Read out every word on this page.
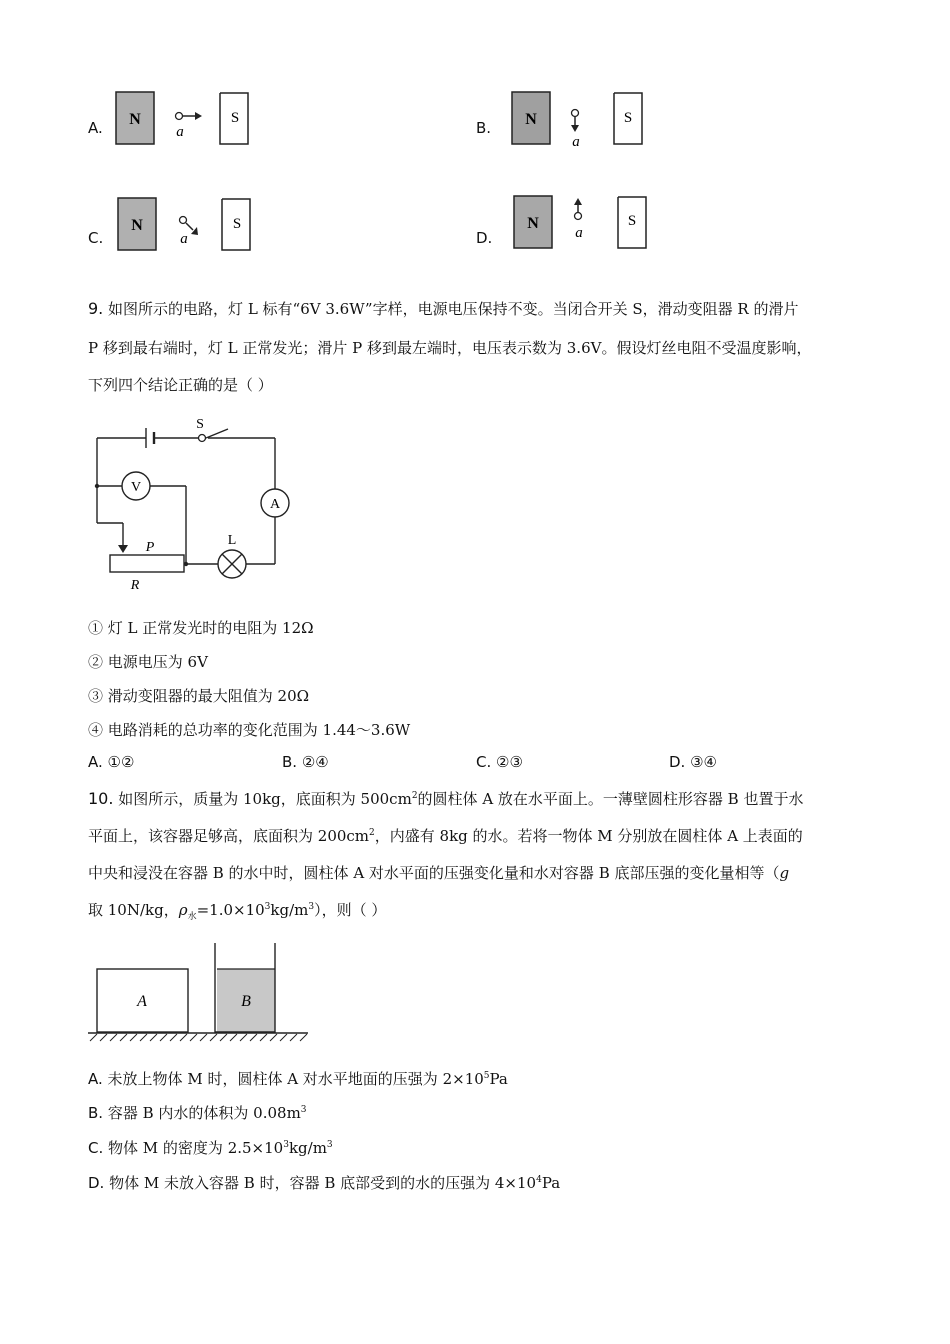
A. N
a
S
B. N
a
S
C.
N
a
S
D.
N
a
S
9. 如图所示的电路，灯 L 标有“6V 3.6W”字样，电源电压保持不变。当闭合开关 S，滑动变阻器 R 的滑片
P 移到最右端时，灯 L 正常发光；滑片 P 移到最左端时，电压表示数为 3.6V。假设灯丝电阻不受温度影响，
下列四个结论正确的是（ ）
V
A
L
S
P
R
① 灯 L 正常发光时的电阻为 12Ω
② 电源电压为 6V
③ 滑动变阻器的最大阻值为 20Ω
④ 电路消耗的总功率的变化范围为 1.44～3.6W
A. ①②	B. ②④	C. ②③	D. ③④
10. 如图所示，质量为 10kg，底面积为 $500cm^2$的圆柱体 A 放在水平面上。一薄壁圆柱形容器 B 也置于水
平面上，该容器足够高，底面积为 $200cm^2$，内盛有 8kg 的水。若将一物体 M 分别放在圆柱体 A 上表面的
中央和浸没在容器 B 的水中时，圆柱体 A 对水平面的压强变化量和水对容器 B 底部压强的变化量相等（g
取 10N/kg，$\rho_水=1.0\times 10^3kg/m^3$），则（ ）
A	B
A. 未放上物体 M 时，圆柱体 A 对水平地面的压强为 $2\times 10^5Pa$
B. 容器 B 内水的体积为 $0.08m^3$
C. 物体 M 的密度为 $2.5\times 10^3kg/m^3$
D. 物体 M 未放入容器 B 时，容器 B 底部受到的水的压强为 $4\times 10^4Pa$
